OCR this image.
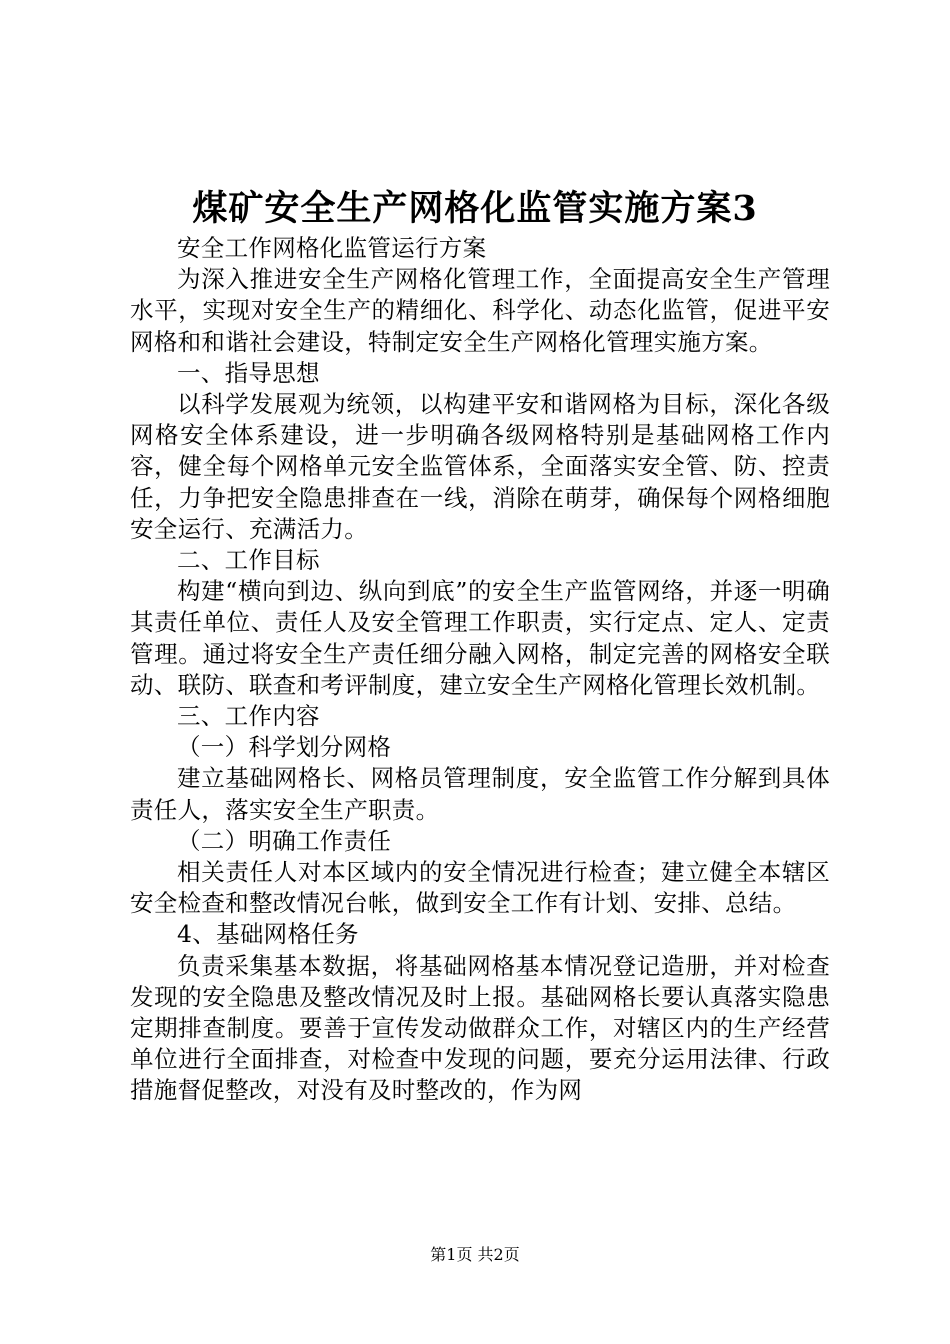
煤矿安全生产网格化监管实施方案3

安全工作网格化监管运行方案

为深入推进安全生产网格化管理工作，全面提高安全生产管理水平，实现对安全生产的精细化、科学化、动态化监管，促进平安网格和和谐社会建设，特制定安全生产网格化管理实施方案。

一、指导思想

以科学发展观为统领，以构建平安和谐网格为目标，深化各级网格安全体系建设，进一步明确各级网格特别是基础网格工作内容，健全每个网格单元安全监管体系，全面落实安全管、防、控责任，力争把安全隐患排查在一线，消除在萌芽，确保每个网格细胞安全运行、充满活力。

二、工作目标

构建“横向到边、纵向到底”的安全生产监管网络，并逐一明确其责任单位、责任人及安全管理工作职责，实行定点、定人、定责管理。通过将安全生产责任细分融入网格，制定完善的网格安全联动、联防、联查和考评制度，建立安全生产网格化管理长效机制。

三、工作内容

（一）科学划分网格

建立基础网格长、网格员管理制度，安全监管工作分解到具体责任人，落实安全生产职责。

（二）明确工作责任

相关责任人对本区域内的安全情况进行检查；建立健全本辖区安全检查和整改情况台帐，做到安全工作有计划、安排、总结。

4、基础网格任务

负责采集基本数据，将基础网格基本情况登记造册，并对检查发现的安全隐患及整改情况及时上报。基础网格长要认真落实隐患定期排查制度。要善于宣传发动做群众工作，对辖区内的生产经营单位进行全面排查，对检查中发现的问题，要充分运用法律、行政措施督促整改，对没有及时整改的，作为网

第1页 共2页
